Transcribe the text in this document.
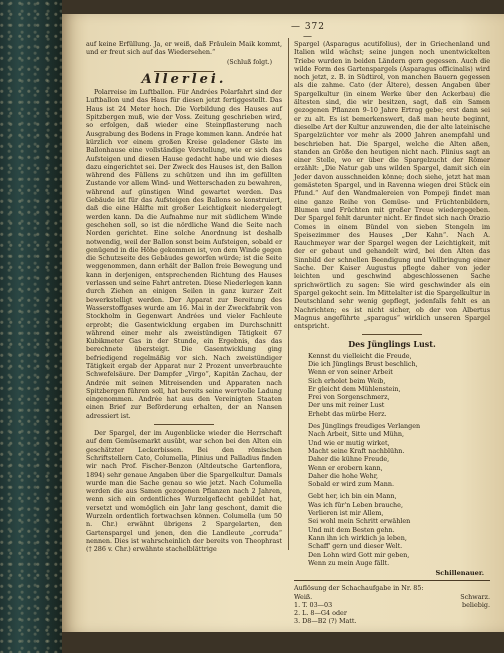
— 372 —

auf keine Erfüllung. Ja, er weiß, daß Fräulein Maik kommt, und er freut sich auf das Wiedersehen.“

(Schluß folgt.)
Allerlei.

Polarreise im Luftballon. Für Andrées Polarfahrt sind der Luftballon und das Haus für diesen jetzt fertiggestellt. Das Haus ist 24 Meter hoch. Die Vorbildung des Hauses auf Spitzbergen muß, wie der Voss. Zeitung geschrieben wird, so erfolgen, daß wieder eine Steinpflasterung nach Ausgrabung des Bodens in Frage kommen kann. Andrée hat kürzlich vor einem großen Kreise geladener Gäste im Ballonhause eine vollständige Vorstellung, wie er sich das Aufsteigen und diesen Hause gedacht habe und wie dieses dazu eingerichtet sei. Der Zweck des Hauses ist, den Ballon während des Füllens zu schützen und ihn im gefüllten Zustande vor allem Wind- und Wetterschaden zu bewahren, während auf günstigen Wind gewartet werden. Das Gebäude ist für das Aufsteigen des Ballons so konstruiert, daß die eine Hälfte mit großer Leichtigkeit niedergelegt werden kann. Da die Aufnahme nur mit südlichem Winde geschehen soll, so ist die nördliche Wand die Seite nach Norden gerichtet. Eine solche Anordnung ist deshalb notwendig, weil der Ballon sonst beim Aufsteigen, sobald er genügend in die Höhe gekommen ist, von dem Winde gegen die Schutzseite des Gebäudes geworfen würde; ist die Seite weggenommen, dann erhält der Ballon freie Bewegung und kann in derjenigen, entsprechenden Richtung des Hauses verlassen und seine Fahrt antreten. Diese Niederlegen kann durch Ziehen an einigen Seilen in ganz kurzer Zeit bewerkstelligt werden. Der Apparat zur Bereitung des Wasserstoffgases wurde am 16. Mai in der Zweckfabrik von Stockholm in Gegenwart Andrées und vieler Fachleute erprobt; die Gasentwicklung ergaben im Durchschnitt während einer mehr als zweistündigen Tätigkeit 67 Kubikmeter Gas in der Stunde, ein Ergebnis, das das berechnete übersteigt. Die Gasentwicklung ging befriedigend regelmäßig vor sich. Nach zweistündiger Tätigkeit ergab der Apparat nur 2 Prozent unverbrauchte Schwefelsäure. Der Dampfer „Virgo“, Kapitän Zachau, der Andrée mit seinen Mitreisenden und Apparaten nach Spitzbergen führen soll, hat bereits seine wertvolle Ladung eingenommen. Andrée hat aus den Vereinigten Staaten einen Brief zur Beförderung erhalten, der an Nansen adressiert ist.

Der Spargel, der im Augenblicke wieder die Herrschaft auf dem Gemüsemarkt ausübt, war schon bei den Alten ein geschätzter Leckerbissen. Bei den römischen Schriftstellern Cato, Columella, Plinius und Palladius finden wir nach Prof. Fischer-Benzon (Altdeutsche Gartenflora, 1894) sehr genaue Angaben über die Spargelkultur. Damals wurde man die Sache genau so wie jetzt. Nach Columella werden die aus Samen gezogenen Pflanzen nach 2 Jahren, wenn sich ein ordentliches Wurzelgeflecht gebildet hat, versetzt und womöglich ein Jahr lang geschont, damit die Wurzeln ordentlich fortwachsen können. Columella (um 50 n. Chr.) erwähnt übrigens 2 Spargelarten, den Gartenspargel und jenen, den die Landleute „corruda“ nennen. Dies ist wahrscheinlich der bereits von Theophrast († 286 v. Chr.) erwähnte stachelblättrige

Spargel (Asparagus acutifolius), der in Griechenland und Italien wild wächst; seine jungen noch unentwickelten Triebe wurden in beiden Ländern gern gegessen. Auch die wilde Form des Gartenspargels (Asparagus officinalis) wird noch jetzt, z. B. in Südtirol, von manchen Bauern gegessen als die zahme. Cato (der Ältere), dessen Angaben über Spargelkultur (in einem Werke über den Ackerbau) die ältesten sind, die wir besitzen, sagt, daß ein Samen gezogenen Pflanzen 9–10 Jahre Ertrag gebe; erst dann sei er zu alt. Es ist bemerkenswert, daß man heute beginnt, dieselbe Art der Kultur anzuwenden, die der alte lateinische Spargelzüchter vor mehr als 2000 Jahren anempfahl und beschrieben hat. Die Spargel, welche die Alten aßen, standen an Größe den heutigen nicht nach. Plinius sagt an einer Stelle, wo er über die Spargelzucht der Römer erzählt: „Die Natur gab uns wilden Spargel, damit sich ein Jeder davon ausschneiden könne; doch siehe, jetzt hat man gemästeten Spargel, und in Ravenna wiegen drei Stück ein Pfund.“ Auf den Wandmalereien von Pompeji findet man eine ganze Reihe von Gemüse- und Früchtenbildern, Blumen und Früchten mit großer Treue wiedergegeben. Der Spargel fehlt darunter nicht. Er findet sich nach Orazio Comes in einem Bündel von sieben Stengeln im Speisezimmer des Hauses „Der Kahn“. Nach A. Rauchmeyer war der Spargel wegen der Leichtigkeit, mit der er gebaut und gehandelt wird, bei den Alten das Sinnbild der schnellen Beendigung und Vollbringung einer Sache. Der Kaiser Augustus pflegte daher von jeder leichten und geschwind abgeschlossenen Sache sprichwörtlich zu sagen: Sie wird geschwinder als ein Spargel gekocht sein. Im Mittelalter ist die Spargelkultur in Deutschland sehr wenig gepflegt, jedenfalls fehlt es an Nachrichten; es ist nicht sicher, ob der von Albertus Magnus angeführte „sparagus“ wirklich unseren Spargel entspricht.

Des Jünglings Lust.
Kennst du vielleicht die Freude,
Die ich Jünglings Brust beschlich,
Wenn er von seiner Arbeit
Sich erholet beim Weib,
Er gleicht dem Mühlenstein,
Frei von Sorgenschmerz,
Der uns mit reiner Lust
Erhebt das mürbe Herz.
Des Jünglings freudiges Verlangen
Nach Arbeit, Sitte und Mühn,
Und wie er mutig wirket,
Macht seine Kraft nachblühn.
Daher die kühne Freude,
Wenn er erobern kann,
Daher die hohe Wehr,
Sobald er wird zum Mann.
Gebt her, ich bin ein Mann,
Was ich für'n Leben brauche,
Verlieren ist mir Allem,
Sei wohl mein Schritt erwählen
Und mit dem Besten gehn.
Kann ihn ich wirklich ja leben,
Schaff' gern und dieser Welt.
Den Lohn wird Gott mir geben,
Wenn zu mein Auge fällt.
Schillenauer.
Auflösung der Schachaufgabe in Nr. 85:
Weiß.	Schwarz.
1. T. 03—03	beliebig.
2. L. 8—G4 oder
3. D8—B2 (?) Matt.
